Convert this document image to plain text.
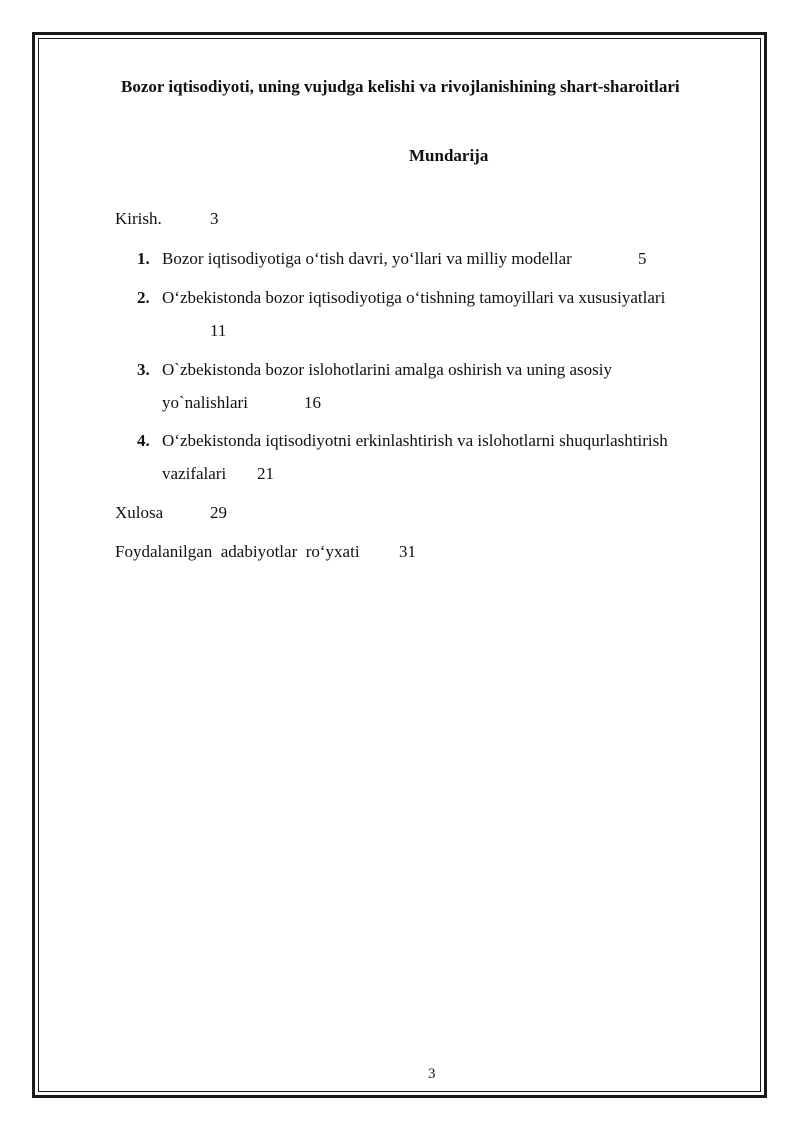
Bozor iqtisodiyoti, uning vujudga kelishi va rivojlanishining shart-sharoitlari
Mundarija
Kirish.	3
1. Bozor iqtisodiyotiga o‘tish davri, yo‘llari va milliy modellar	5
2. O‘zbekistonda bozor iqtisodiyotiga o‘tishning tamoyillari va xususiyatlari
11
3. O`zbekistonda bozor islohotlarini amalga oshirish va uning asosiy
yo`nalishlari	16
4. O‘zbekistonda iqtisodiyotni erkinlashtirish va islohotlarni shuqurlashtirish
vazifalari 21
Xulosa	29
Foydalanilgan  adabiyotlar  ro‘yxati 31
3
